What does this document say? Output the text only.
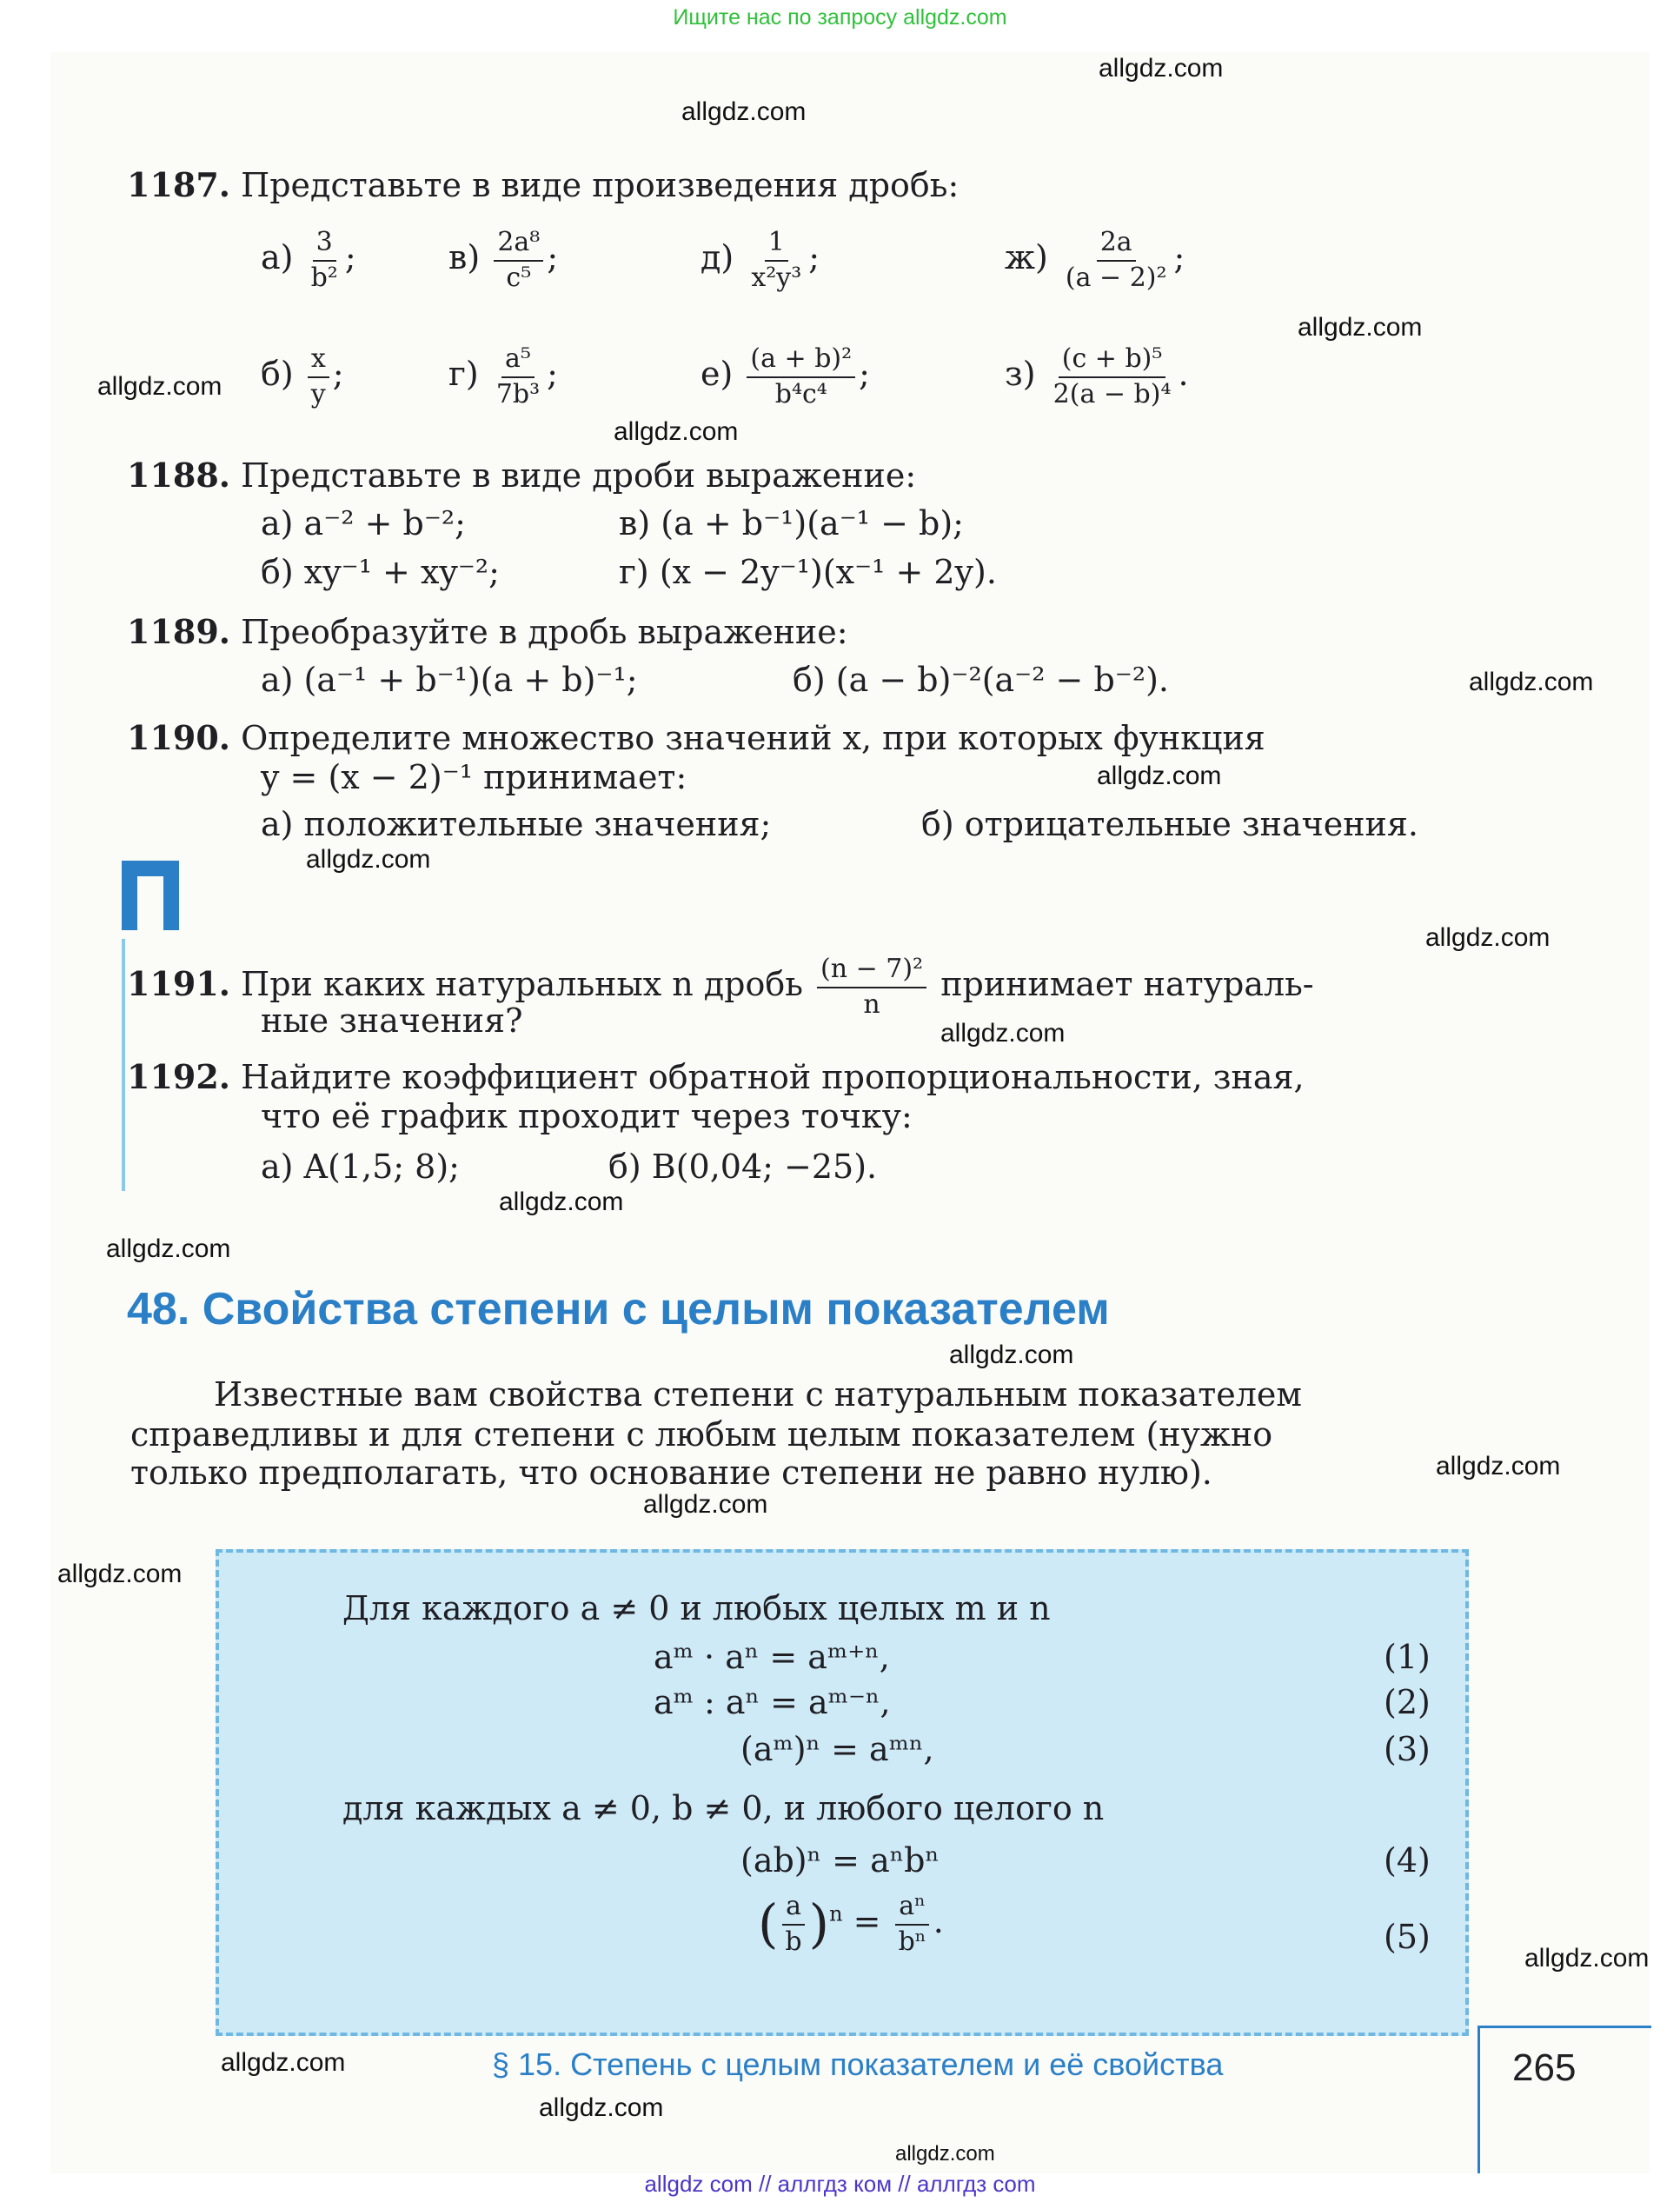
Ищите нас по запросу allgdz.com
allgdz.com
allgdz.com
allgdz.com
allgdz.com
allgdz.com
allgdz.com
allgdz.com
allgdz.com
allgdz.com
allgdz.com
allgdz.com
allgdz.com
allgdz.com
allgdz.com
allgdz.com
allgdz.com
allgdz.com
allgdz.com
allgdz.com
allgdz.com
1187. Представьте в виде произведения дробь:
$а) \frac{3}{\text{b²}}$ ;	$в) \frac{\text{2a⁸}}{\text{c⁵}}$ ;	$д) \frac{1}{\text{x²y³}}$ ;	$ж) \frac{2a}{\text{(a − 2)²}}$ ;
$б) \frac{x}{y}$ ;	$г) \frac{\text{a⁵}}{\text{7b³}}$ ;	$е) \frac{\text{(a + b)²}}{\text{b⁴c⁴}}$ ;	$з) \frac{\text{(c + b)⁵}}{\text{2(a − b)⁴}}$ .
1188. Представьте в виде дроби выражение:
а) a⁻² + b⁻²;	в) (a + b⁻¹)(a⁻¹ − b);
б) xy⁻¹ + xy⁻²;	г) (x − 2y⁻¹)(x⁻¹ + 2y).
1189. Преобразуйте в дробь выражение:
а) (a⁻¹ + b⁻¹)(a + b)⁻¹;	б) (a − b)⁻²(a⁻² − b⁻²).
1190. Определите множество значений x, при которых функция
y = (x − 2)⁻¹ принимает:
а) положительные значения;	б) отрицательные значения.
1191. При каких натуральных n дробь $\frac{\text{(n − 7)²}}{n}$ принимает натураль-
ные значения?
1192. Найдите коэффициент обратной пропорциональности, зная,
что её график проходит через точку:
а) A(1,5; 8);	б) B(0,04; −25).
48. Свойства степени с целым показателем
Известные вам свойства степени с натуральным показателем
справедливы и для степени с любым целым показателем (нужно
только предполагать, что основание степени не равно нулю).
Для каждого a ≠ 0 и любых целых m и n
aᵐ · aⁿ = aᵐ⁺ⁿ,	(1)
aᵐ : aⁿ = aᵐ⁻ⁿ,	(2)
(aᵐ)ⁿ = aᵐⁿ,	(3)
для каждых a ≠ 0, b ≠ 0, и любого целого n
(ab)ⁿ = aⁿbⁿ	(4)
( $\frac{a}{b} )^n = \frac{\text{aⁿ}}{\text{bⁿ}}$ .	(5)
§ 15. Степень с целым показателем и её свойства	265
allgdz com // аллгдз ком // аллгдз com
